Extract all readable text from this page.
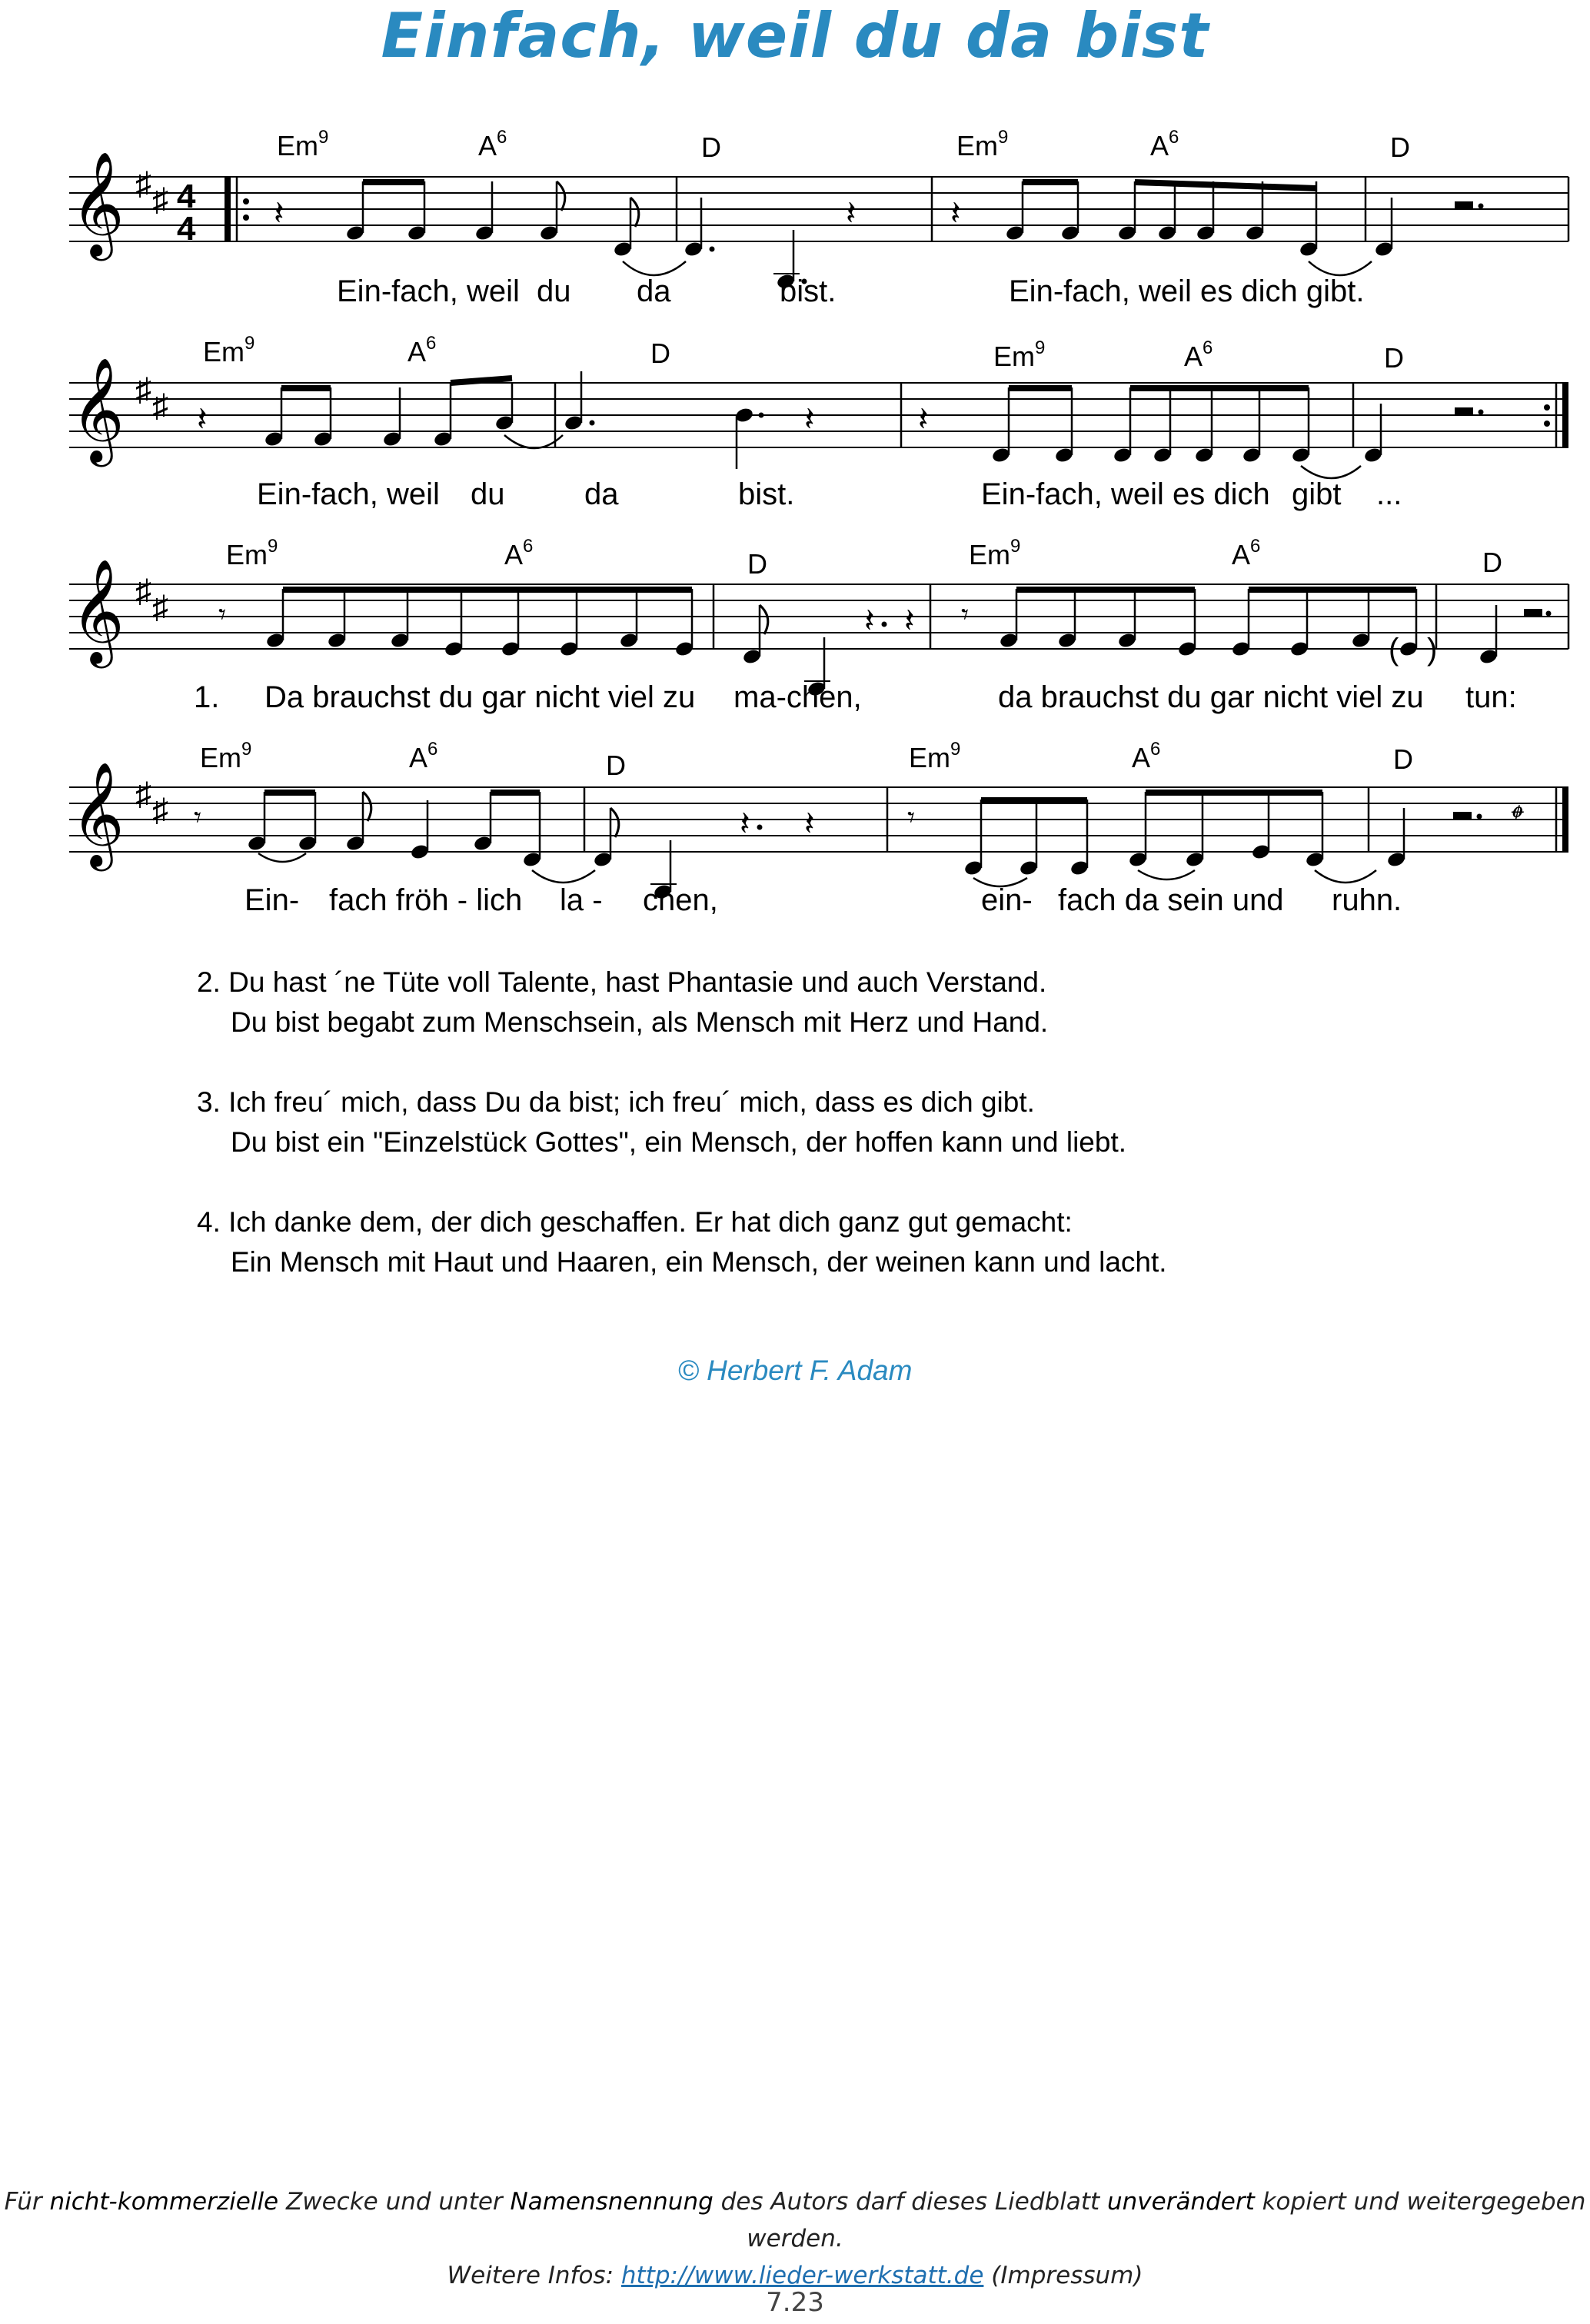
Einfach, weil du da bist
𝄞 ♯ ♯ 4
4 𝄽	𝄽	𝄽
𝄞 ♯ ♯ 𝄽	𝄽	𝄽
𝄞 ♯ ♯ 𝄾	𝄽 𝄽 𝄾
( )
𝄞 ♯ ♯ 𝄾	𝄽 𝄽	𝄾	𝄌
Em$^9$	$A^6$	D	Em$^9$	$A^6$	D
Em$^9$	$A^6$	D	Em$^9$	$A^6$	D
Em$^9$	$A^6$
D	Em$^9$	$A^6$
D
Em$^9$	$A^6$
D	Em$^9$	$A^6$	D
Ein-fach, weil du da	bist.	Ein-fach, weil es dich gibt.
Ein-fach, weil du	da	bist.	Ein-fach, weil es dich gibt ...
1. Da brauchst du gar nicht viel zu ma-chen,	da brauchst du gar nicht viel zu tun:
Ein- fach fröh - lich la - chen,	ein- fach da sein und ruhn.
2. Du hast ´ne Tüte voll Talente, hast Phantasie und auch Verstand.
Du bist begabt zum Menschsein, als Mensch mit Herz und Hand.
3. Ich freu´ mich, dass Du da bist; ich freu´ mich, dass es dich gibt.
Du bist ein "Einzelstück Gottes", ein Mensch, der hoffen kann und liebt.
4. Ich danke dem, der dich geschaffen. Er hat dich ganz gut gemacht:
Ein Mensch mit Haut und Haaren, ein Mensch, der weinen kann und lacht.
© Herbert F. Adam
Für nicht-kommerzielle Zwecke und unter Namensnennung des Autors darf dieses Liedblatt unverändert kopiert und weitergegeben werden.
Weitere Infos: http://www.lieder-werkstatt.de (Impressum)
7.23
